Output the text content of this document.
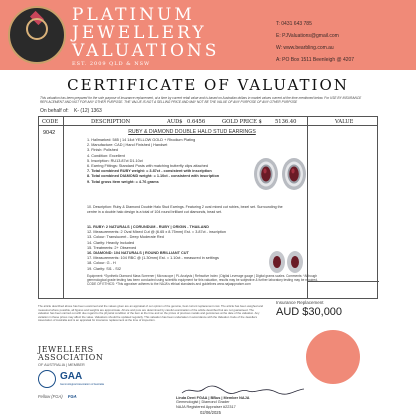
PLATINUM
JEWELLERY
VALUATIONS
EST. 2009 QLD & NSW
T: 0431 643 785
E: PJValuations@gmail.com
W: www.bearbling.com.au
A: PO Box 1511 Beenleigh @ 4207
CERTIFICATE OF VALUATION
This valuation has been prepared for the sole purpose of insurance replacement, at a time by current retail value and is based on Australian dollars in market values current at the time mentioned below. For USE BY INSURANCE REPLACEMENT AND NOT FOR ANY OTHER PURPOSE. THE VALUE IS NOT A SELLING PRICE AND MAY NOT BE THE VALUE OF ANY PURPOSE OF ANY OTHER PURPOSE
On behalf of: K- (12) 1363
CODE	DESCRIPTION	AUD$ 0.6456	GOLD PRICE $	5136.40	VALUE
9042	RUBY & DIAMOND DOUBLE HALO STUD EARRINGS
1. Hallmarked: 585 | 14 14ct YELLOW GOLD + Rhodium Plating
2. Manufacture: CAD | Hand Finished | Handset
3. Finish: Polished
4. Condition: Excellent
5. Inscription: RU13.87ct D1.10ct
6. Earring Fittings: Standard Posts with matching butterfly clips attached
7. Total combined RUBY weight: = 3.87ct - consistent with inscription
8. Total combined DIAMOND weight: = 1.10ct - consistent with inscription
9. Total gross item weight: = 4.76 grams
10. Description: Ruby & Diamond Double Halo Stud Earrings. Featuring 2 oval mixed cut rubies, bezel set. Surrounding the centre in a double halo design is a total of 104 round brilliant cut diamonds, bead set.
11. RUBY: 2 NATURALS | CORUNDUM - RUBY | ORIGIN - THAILAND
12. Measurements: 2 Oval Mixed Cut @ (6.65 x 8.75mm) Est. = 3.87ct - inscription
13. Colour: Translucent - Deep Moderate Red
14. Clarity: Heavily Included
15. Treatments: 2+ Observed
16. DIAMOND: 104 NATURALS | ROUND BRILLIANT CUT
17. Measurements: 104 RBC @ (1.30mm) Est. = 1.10ct - measured in settings
18. Colour: G - H
19. Clarity: SI1 - SI2
Equipment: *Synthetic Diamond Mass Screener | Microscope | PL Analysis | Refractive Index | Digital Leverage gauge | Digital grams scales. Comments: *Although gemmological grade testing has been conducted using scientific equipment for this valuation, results may be subjective & further laboratory testing may be required. CODE OF ETHICS: *This appraiser adheres to the NAJA's ethical standards and guidelines www.najaappraiser.com
Insurance Replacement
AUD $30,000
The article described above has been examined and the values given are an appraisal of our opinion of the genuine, best current replacement cost. The article has been weighed and measured where possible, all figures and weights are approximate. All are and pure are determined by careful examination of the article described but are not guaranteed. The valuation has been carried out with due regard to the physical condition of the item at the time and on the prices of precious metals and gemstones at the date of the valuation. Any variation in these prices may affect the value. Valuations should be updated regularly. This valuation has been undertaken in accordance with the Valuation Code of the Jewellers Association of Australia and is an appraisal for insurance replacement at the time of inspection.
JEWELLERS
ASSOCIATION
OF AUSTRALIA | MEMBER
GAA
Gemmological Association of Australia
Fellow (FGA) FGA	Linda Dent FGAA | BBus | Member NAJA
Gemmologist | Diamond Grader
NAJA Registered Appraiser #22317
02/06/2025
